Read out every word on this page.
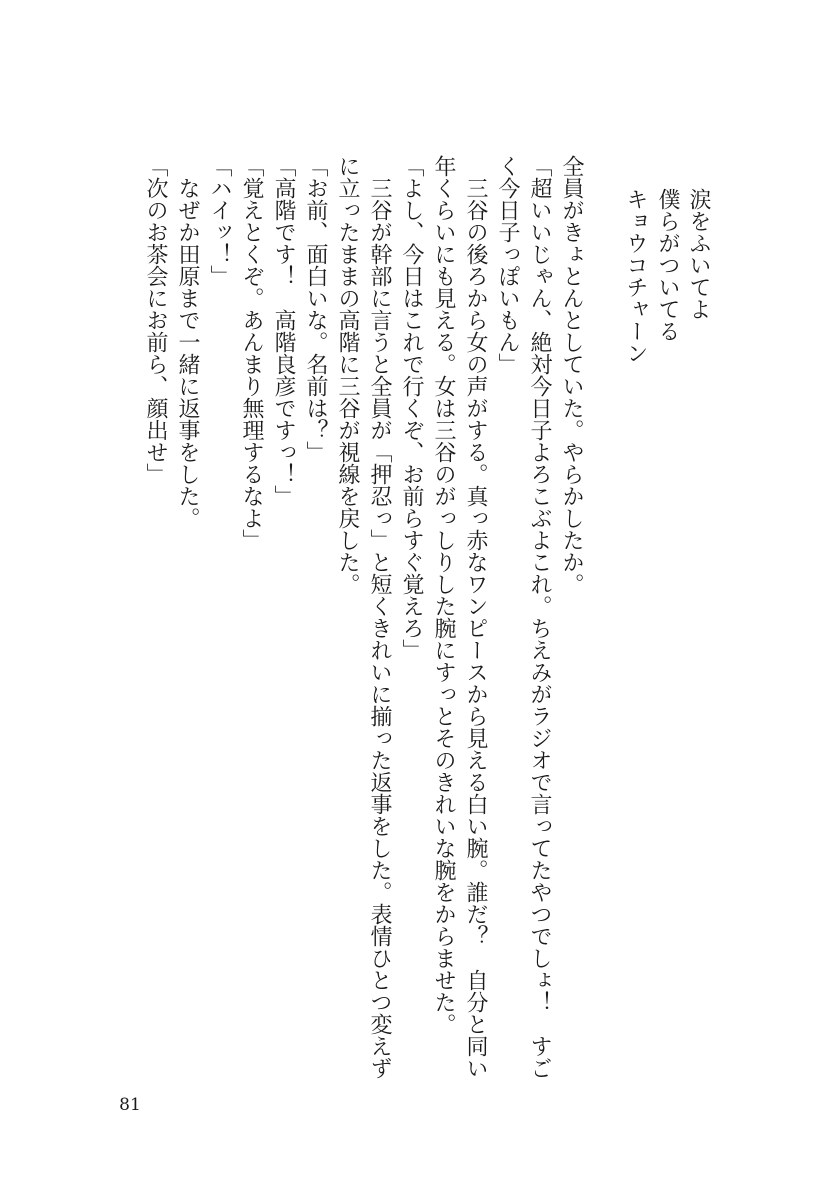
涙をふいてよ
僕らがついてる
キョウコチャーン
全員がきょとんとしていた。やらかしたか。
「超いいじゃん、絶対今日子よろこぶよこれ。ちえみがラジオで言ってたやつでしょ！　すご
く今日子っぽいもん」
　三谷の後ろから女の声がする。真っ赤なワンピースから見える白い腕。誰だ？　自分と同い
年くらいにも見える。女は三谷のがっしりした腕にすっとそのきれいな腕をからませた。
「よし、今日はこれで行くぞ、お前らすぐ覚えろ」
　三谷が幹部に言うと全員が「押忍っ」と短くきれいに揃った返事をした。表情ひとつ変えず
に立ったままの高階に三谷が視線を戻した。
「お前、面白いな。名前は？」
「高階です！　高階良彦ですっ！」
「覚えとくぞ。あんまり無理するなよ」
「ハイッ！」
　なぜか田原まで一緒に返事をした。
「次のお茶会にお前ら、顔出せ」
81
